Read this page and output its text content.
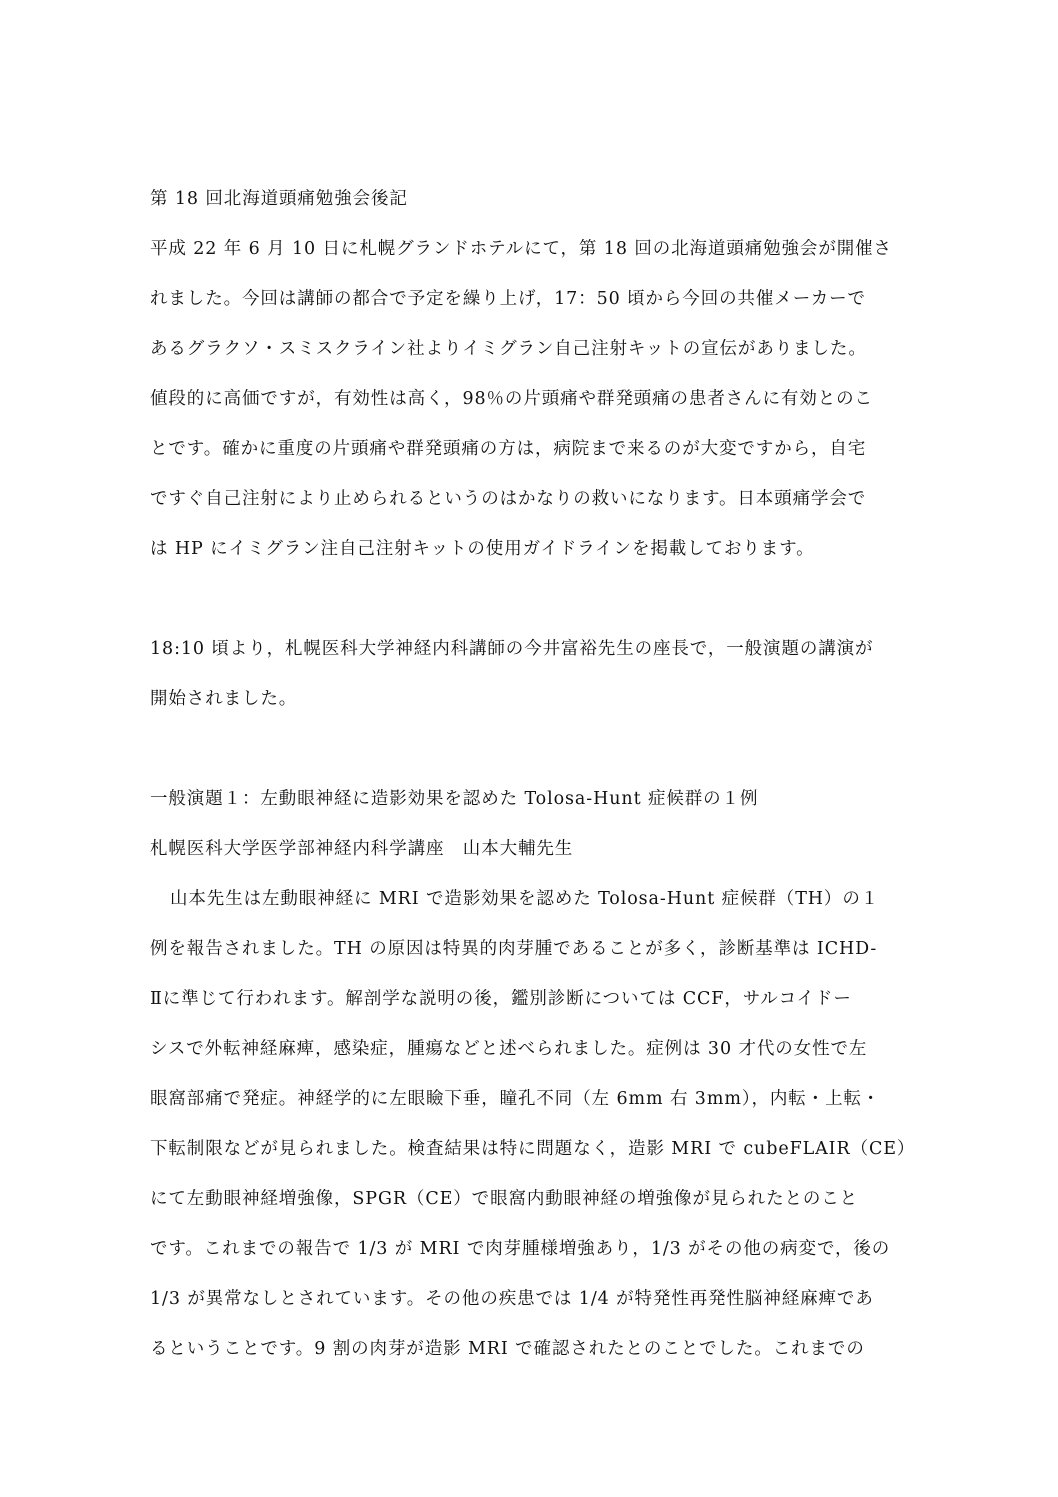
第 18 回北海道頭痛勉強会後記
平成 22 年 6 月 10 日に札幌グランドホテルにて，第 18 回の北海道頭痛勉強会が開催さ
れました。今回は講師の都合で予定を繰り上げ，17：50 頃から今回の共催メーカーで
あるグラクソ・スミスクライン社よりイミグラン自己注射キットの宣伝がありました。
値段的に高価ですが，有効性は高く，98％の片頭痛や群発頭痛の患者さんに有効とのこ
とです。確かに重度の片頭痛や群発頭痛の方は，病院まで来るのが大変ですから，自宅
ですぐ自己注射により止められるというのはかなりの救いになります。日本頭痛学会で
は HP にイミグラン注自己注射キットの使用ガイドラインを掲載しております。
18:10 頃より，札幌医科大学神経内科講師の今井富裕先生の座長で，一般演題の講演が
開始されました。
一般演題１：左動眼神経に造影効果を認めた Tolosa-Hunt 症候群の１例
札幌医科大学医学部神経内科学講座　山本大輔先生
山本先生は左動眼神経に MRI で造影効果を認めた Tolosa-Hunt 症候群（TH）の１
例を報告されました。TH の原因は特異的肉芽腫であることが多く，診断基準は ICHD-
Ⅱに準じて行われます。解剖学な説明の後，鑑別診断については CCF，サルコイドー
シスで外転神経麻痺，感染症，腫瘍などと述べられました。症例は 30 才代の女性で左
眼窩部痛で発症。神経学的に左眼瞼下垂，瞳孔不同（左 6mm 右 3mm），内転・上転・
下転制限などが見られました。検査結果は特に問題なく，造影 MRI で cubeFLAIR（CE）
にて左動眼神経増強像，SPGR（CE）で眼窩内動眼神経の増強像が見られたとのこと
です。これまでの報告で 1/3 が MRI で肉芽腫様増強あり，1/3 がその他の病変で，後の
1/3 が異常なしとされています。その他の疾患では 1/4 が特発性再発性脳神経麻痺であ
るということです。9 割の肉芽が造影 MRI で確認されたとのことでした。これまでの
